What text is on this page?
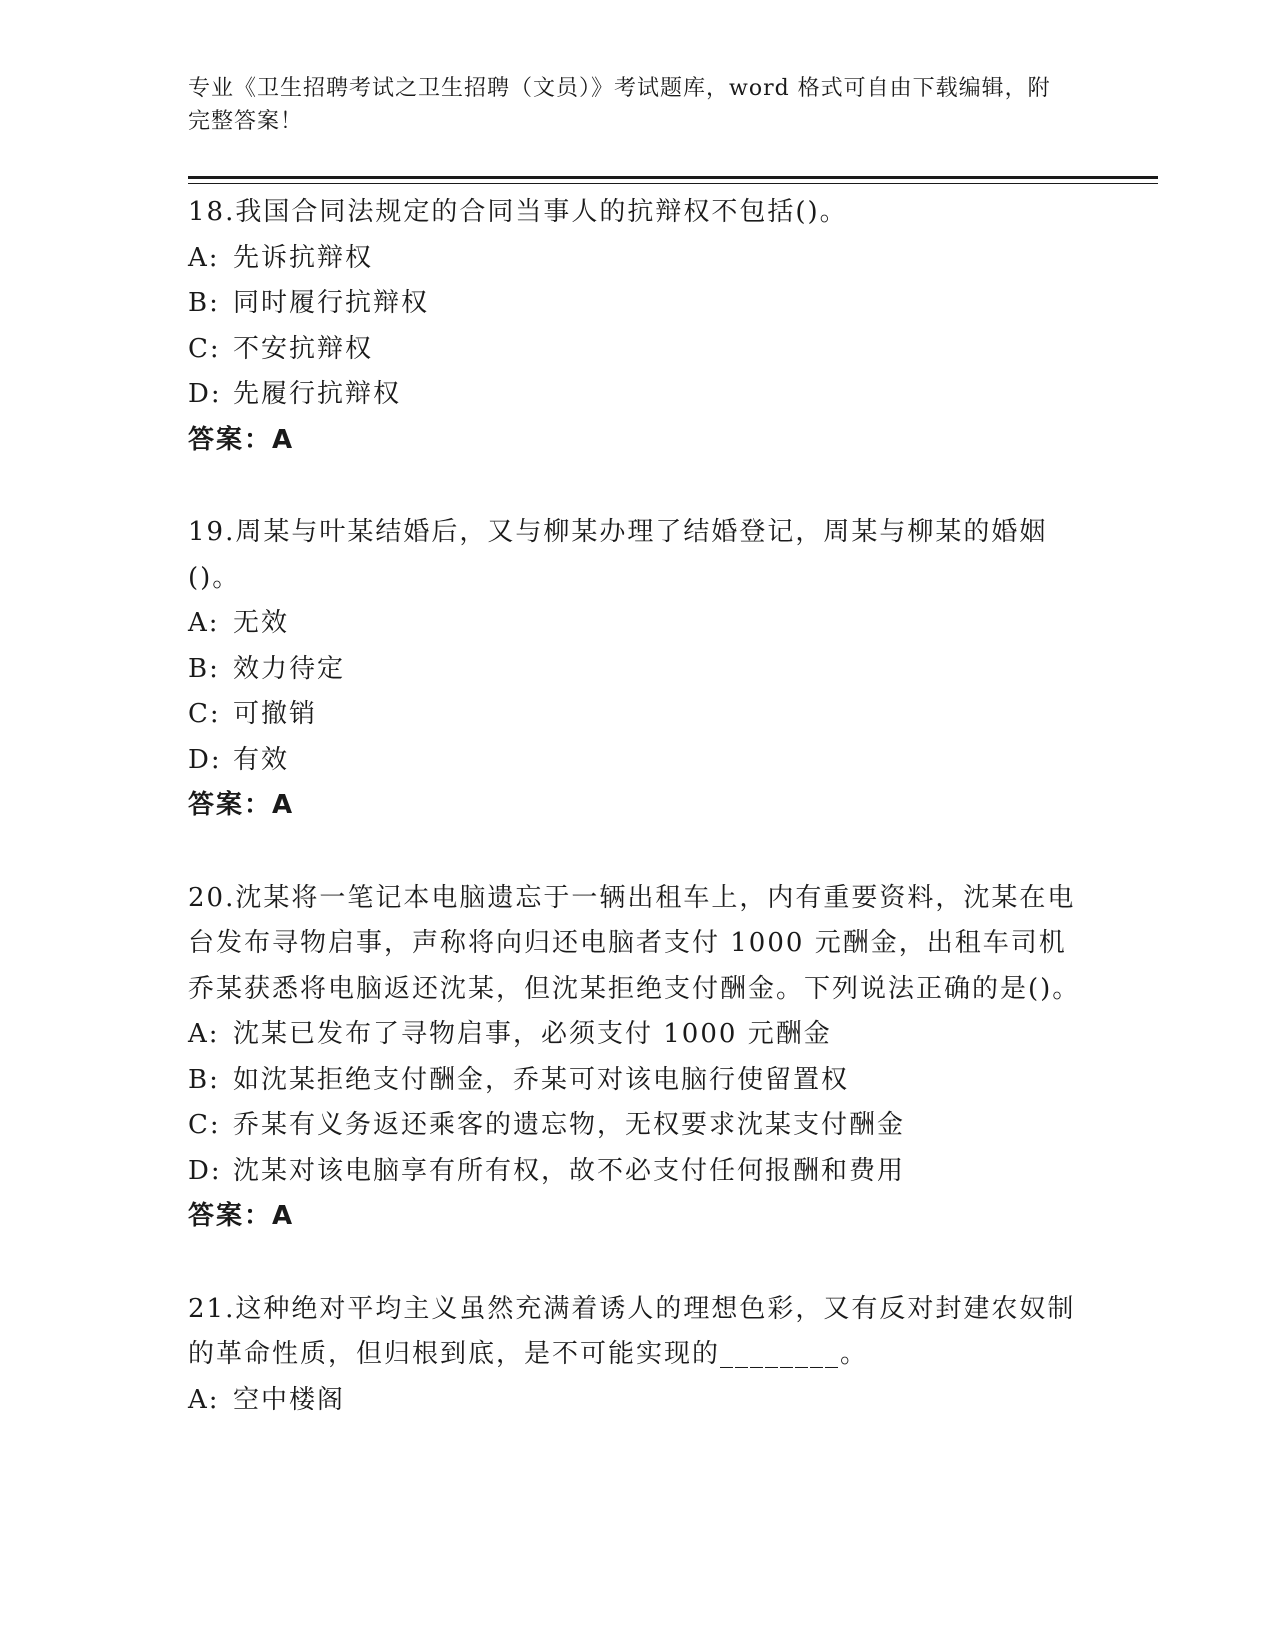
专业《卫生招聘考试之卫生招聘（文员）》考试题库，word 格式可自由下载编辑，附完整答案！

18.我国合同法规定的合同当事人的抗辩权不包括()。

A: 先诉抗辩权

B: 同时履行抗辩权

C: 不安抗辩权

D: 先履行抗辩权

答案：A

19.周某与叶某结婚后，又与柳某办理了结婚登记，周某与柳某的婚姻()。

A: 无效

B: 效力待定

C: 可撤销

D: 有效

答案：A

20.沈某将一笔记本电脑遗忘于一辆出租车上，内有重要资料，沈某在电台发布寻物启事，声称将向归还电脑者支付 1000 元酬金，出租车司机乔某获悉将电脑返还沈某，但沈某拒绝支付酬金。下列说法正确的是()。

A: 沈某已发布了寻物启事，必须支付 1000 元酬金

B: 如沈某拒绝支付酬金，乔某可对该电脑行使留置权

C: 乔某有义务返还乘客的遗忘物，无权要求沈某支付酬金

D: 沈某对该电脑享有所有权，故不必支付任何报酬和费用

答案：A

21.这种绝对平均主义虽然充满着诱人的理想色彩，又有反对封建农奴制的革命性质，但归根到底，是不可能实现的________。

A: 空中楼阁
